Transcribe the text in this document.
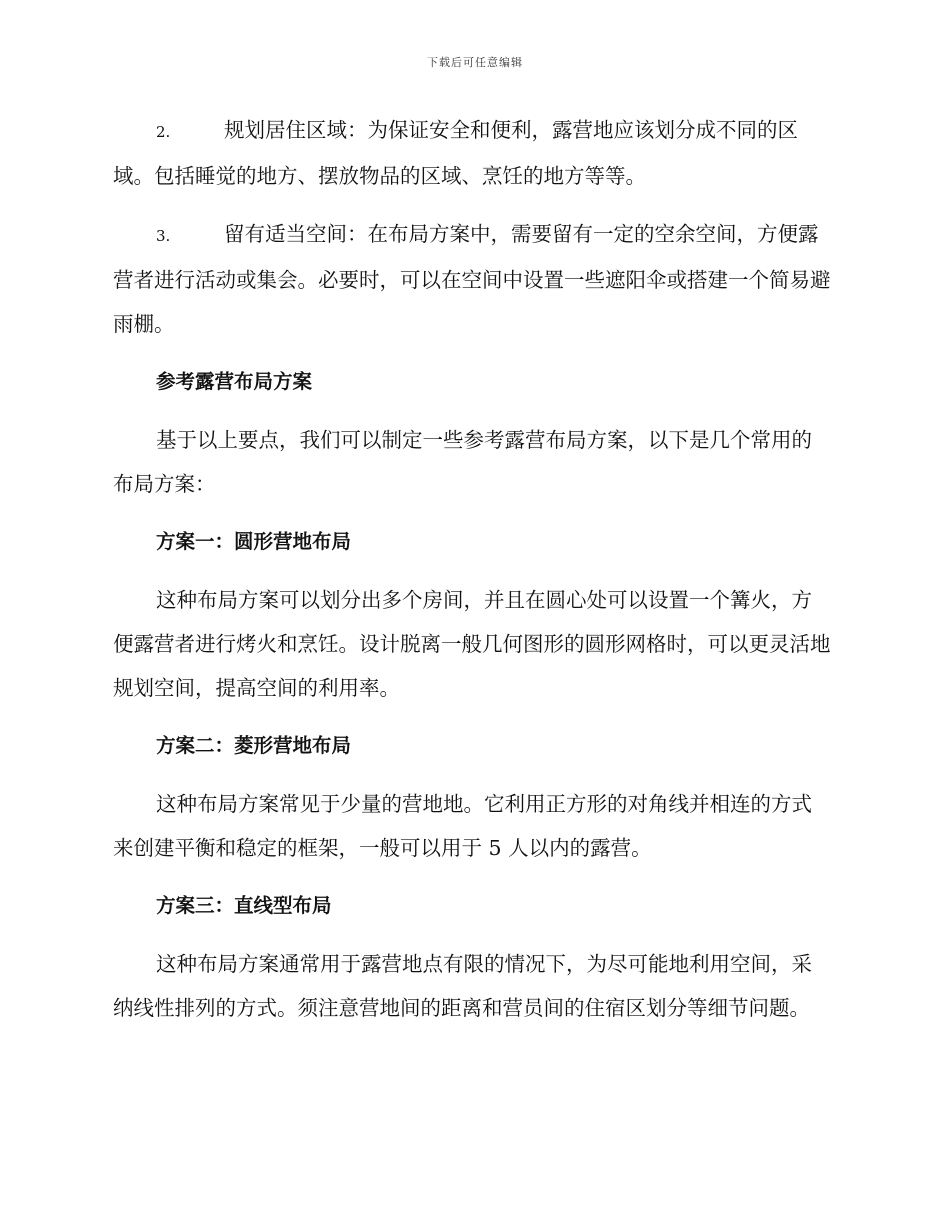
下载后可任意编辑

2.	规划居住区域：为保证安全和便利，露营地应该划分成不同的区域。包括睡觉的地方、摆放物品的区域、烹饪的地方等等。

3.	留有适当空间：在布局方案中，需要留有一定的空余空间，方便露营者进行活动或集会。必要时，可以在空间中设置一些遮阳伞或搭建一个简易避雨棚。

参考露营布局方案

基于以上要点，我们可以制定一些参考露营布局方案，以下是几个常用的布局方案：

方案一：圆形营地布局

这种布局方案可以划分出多个房间，并且在圆心处可以设置一个篝火，方便露营者进行烤火和烹饪。设计脱离一般几何图形的圆形网格时，可以更灵活地规划空间，提高空间的利用率。

方案二：菱形营地布局

这种布局方案常见于少量的营地地。它利用正方形的对角线并相连的方式来创建平衡和稳定的框架，一般可以用于 5 人以内的露营。

方案三：直线型布局

这种布局方案通常用于露营地点有限的情况下，为尽可能地利用空间，采纳线性排列的方式。须注意营地间的距离和营员间的住宿区划分等细节问题。
